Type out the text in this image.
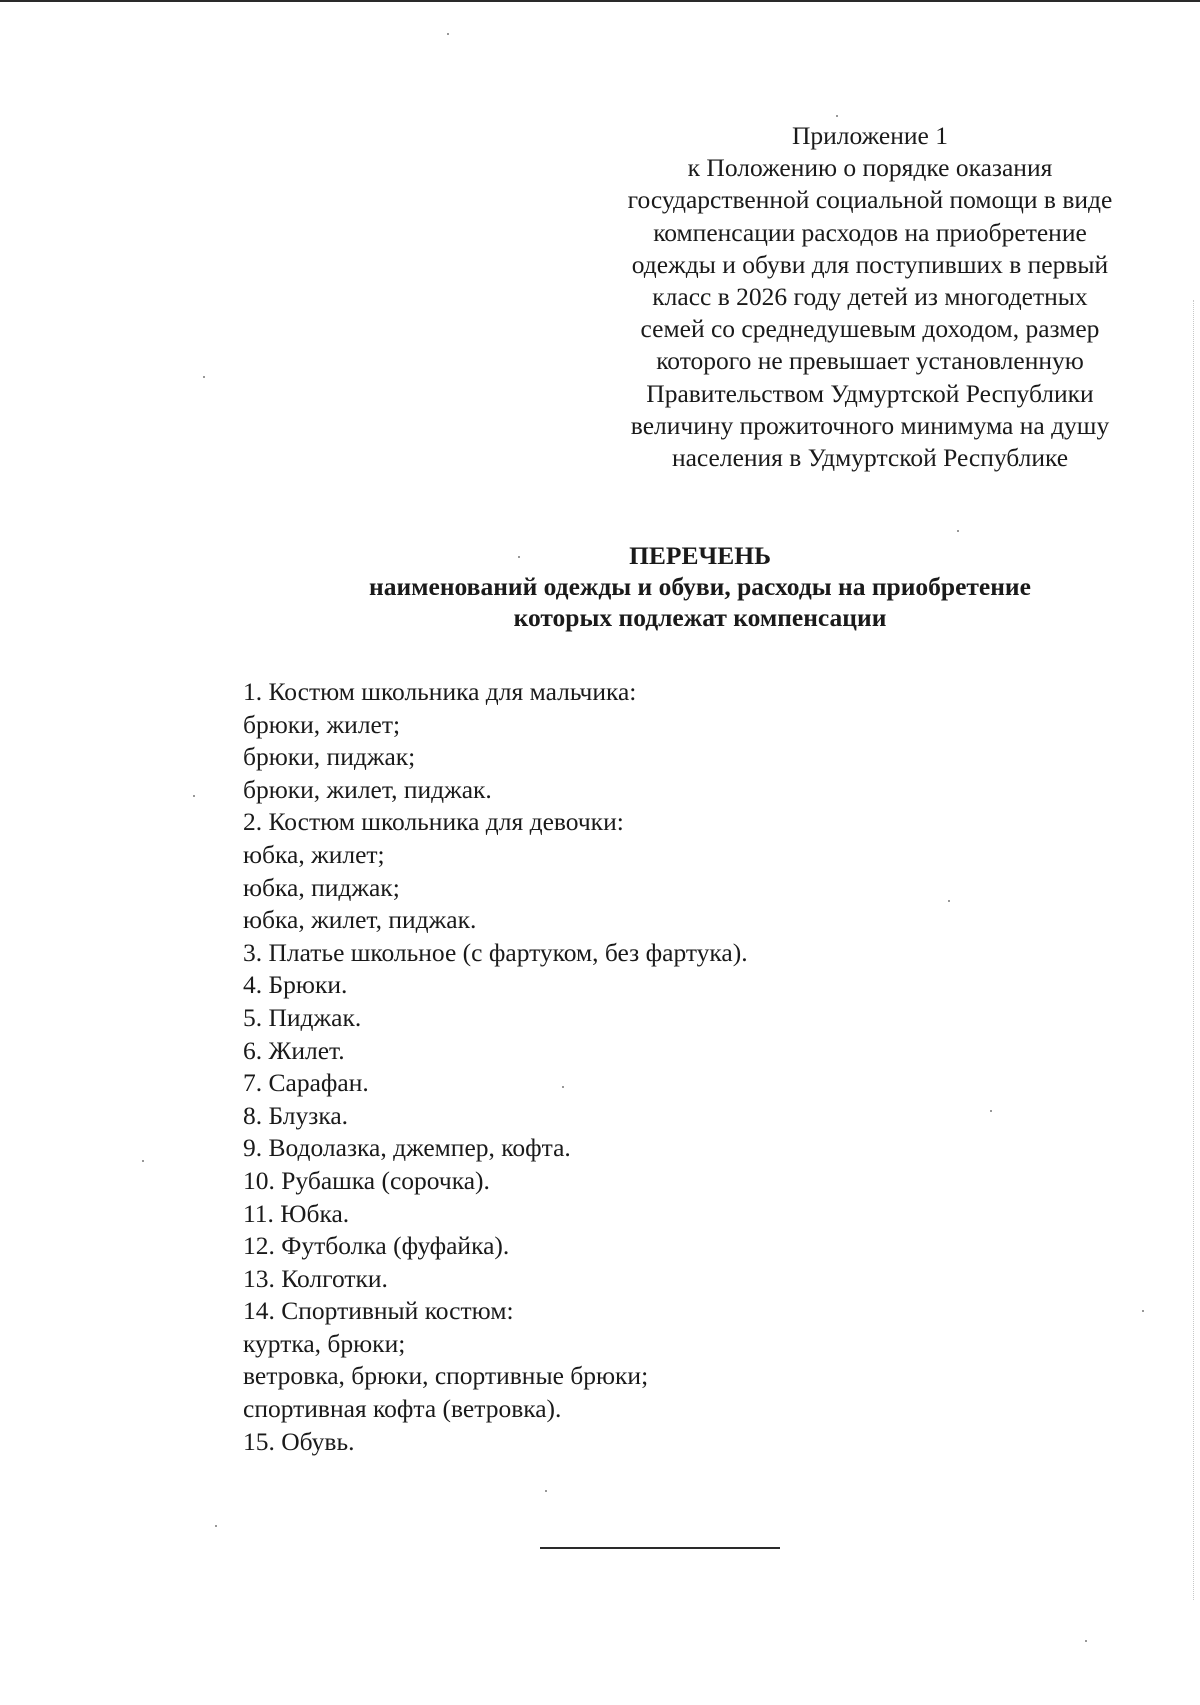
Приложение 1
к Положению о порядке оказания
государственной социальной помощи в виде
компенсации расходов на приобретение
одежды и обуви для поступивших в первый
класс в 2026 году детей из многодетных
семей со среднедушевым доходом, размер
которого не превышает установленную
Правительством Удмуртской Республики
величину прожиточного минимума на душу
населения в Удмуртской Республике
ПЕРЕЧЕНЬ
наименований одежды и обуви, расходы на приобретение
которых подлежат компенсации
1. Костюм школьника для мальчика:
брюки, жилет;
брюки, пиджак;
брюки, жилет, пиджак.
2. Костюм школьника для девочки:
юбка, жилет;
юбка, пиджак;
юбка, жилет, пиджак.
3. Платье школьное (с фартуком, без фартука).
4. Брюки.
5. Пиджак.
6. Жилет.
7. Сарафан.
8. Блузка.
9. Водолазка, джемпер, кофта.
10. Рубашка (сорочка).
11. Юбка.
12. Футболка (фуфайка).
13. Колготки.
14. Спортивный костюм:
куртка, брюки;
ветровка, брюки, спортивные брюки;
спортивная кофта (ветровка).
15. Обувь.
